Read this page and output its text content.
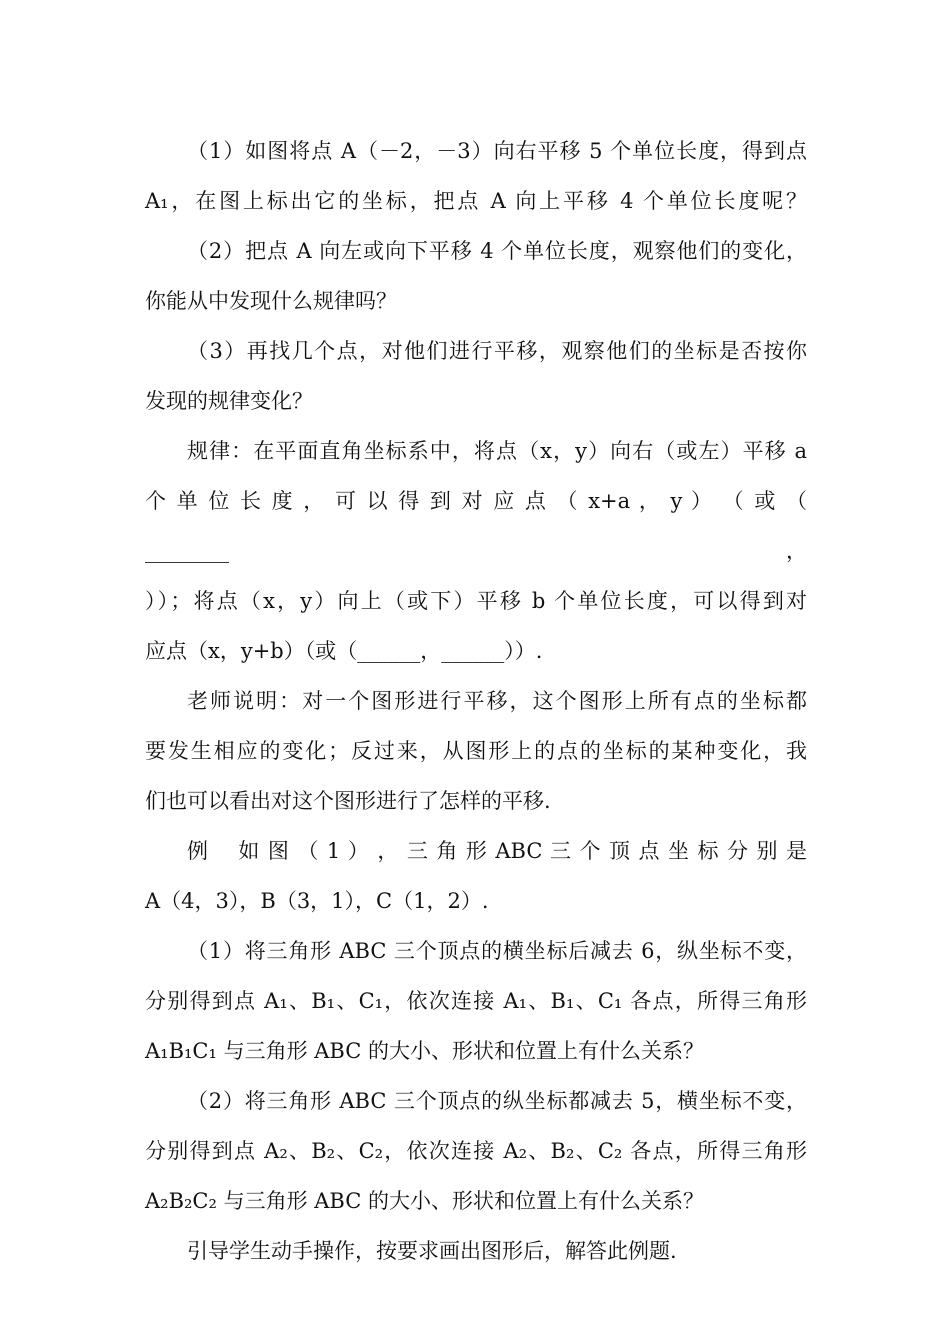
（1）如图将点 A（－2，－3）向右平移 5 个单位长度，得到点
A₁，在图上标出它的坐标，把点 A 向上平移 4 个单位长度呢？
（2）把点 A 向左或向下平移 4 个单位长度，观察他们的变化，
你能从中发现什么规律吗？
（3）再找几个点，对他们进行平移，观察他们的坐标是否按你
发现的规律变化？
规律：在平面直角坐标系中，将点（x，y）向右（或左）平移 a
个 单 位 长 度 ， 可 以 得 到 对 应 点 （ x+a ， y ） （ 或 （ ________ ，
））；将点（x，y）向上（或下）平移 b 个单位长度，可以得到对
应点（x，y+b）（或（______，______））.
老师说明：对一个图形进行平移，这个图形上所有点的坐标都
要发生相应的变化；反过来，从图形上的点的坐标的某种变化，我
们也可以看出对这个图形进行了怎样的平移.
例　 如 图 （ 1 ） ， 三 角 形 ABC 三 个 顶 点 坐 标 分 别 是
A（4，3），B（3，1），C（1，2）.
（1）将三角形 ABC 三个顶点的横坐标后减去 6，纵坐标不变，
分别得到点 A₁、B₁、C₁，依次连接 A₁、B₁、C₁ 各点，所得三角形
A₁B₁C₁ 与三角形 ABC 的大小、形状和位置上有什么关系？
（2）将三角形 ABC 三个顶点的纵坐标都减去 5，横坐标不变，
分别得到点 A₂、B₂、C₂，依次连接 A₂、B₂、C₂ 各点，所得三角形
A₂B₂C₂ 与三角形 ABC 的大小、形状和位置上有什么关系？
引导学生动手操作，按要求画出图形后，解答此例题.
